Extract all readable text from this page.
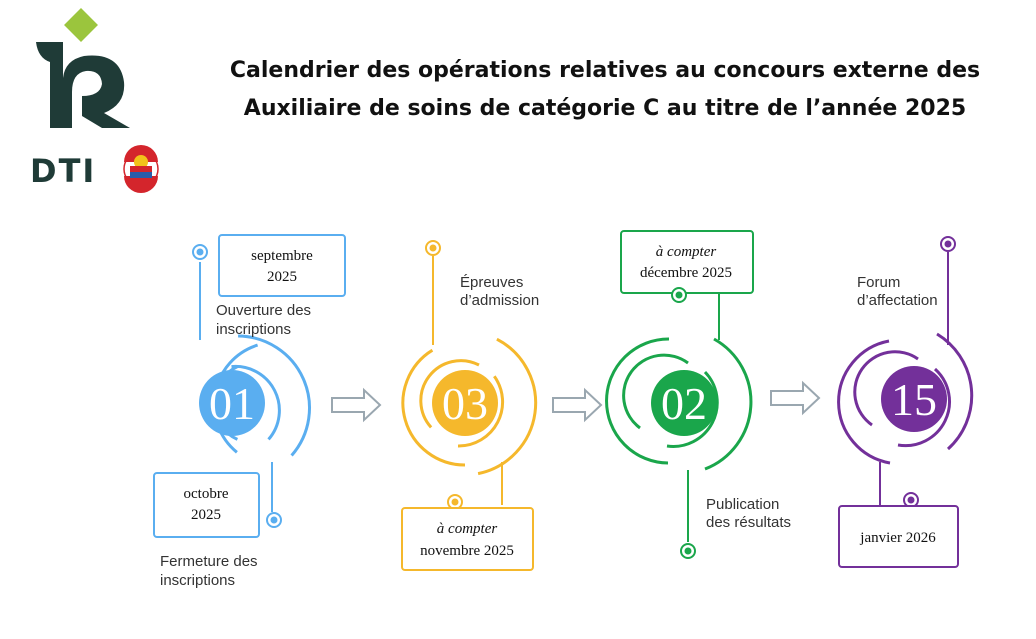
Calendrier des opérations relatives au concours externe des
Auxiliaire de soins de catégorie C au titre de l’année 2025
DTI
01
septembre
2025
Ouverture des
inscriptions
octobre
2025
Fermeture des
inscriptions
03
Épreuves
d’admission
à compter
novembre 2025
02
à compter
décembre 2025
Publication
des résultats
15
Forum
d’affectation
janvier 2026
